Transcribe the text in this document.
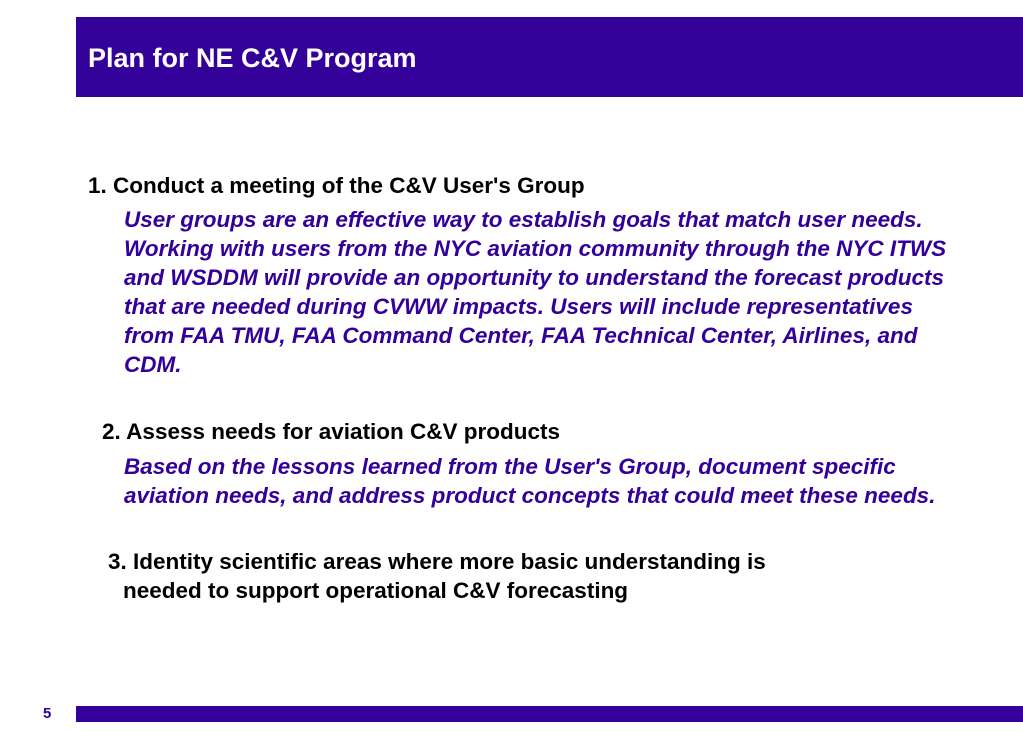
Plan for NE C&V Program

1. Conduct a meeting of the C&V User's Group

User groups are an effective way to establish goals that match user needs. Working with users from the NYC aviation community through the NYC ITWS and WSDDM will provide an opportunity to understand the forecast products that are needed during CVWW impacts. Users will include representatives from FAA TMU, FAA Command Center, FAA Technical Center, Airlines, and CDM.

2. Assess needs for aviation C&V products

Based on the lessons learned from the User's Group, document specific aviation needs, and address product concepts that could meet these needs.

3. Identity scientific areas where more basic understanding is
needed to support operational C&V forecasting

5
